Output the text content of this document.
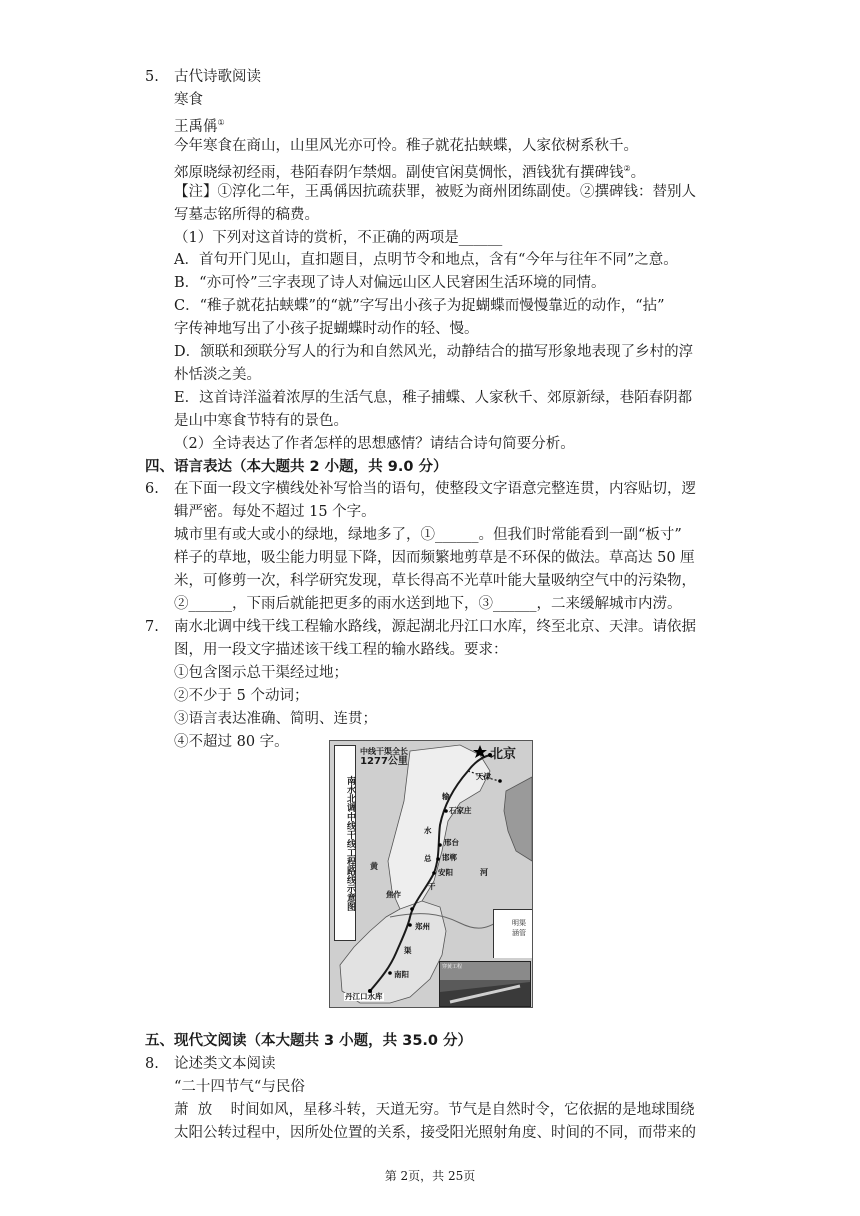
5. 古代诗歌阅读
寒食
王禹偁①
今年寒食在商山，山里风光亦可怜。稚子就花拈蛱蝶，人家依树系秋千。
郊原晓绿初经雨，巷陌春阴乍禁烟。副使官闲莫惆怅，酒钱犹有撰碑钱②。
【注】①淳化二年，王禹偁因抗疏获罪，被贬为商州团练副使。②撰碑钱：替别人
写墓志铭所得的稿费。
（1）下列对这首诗的赏析，不正确的两项是______
A．首句开门见山，直扣题目，点明节令和地点，含有“今年与往年不同”之意。
B．“亦可怜”三字表现了诗人对偏远山区人民窘困生活环境的同情。
C．“稚子就花拈蛱蝶”的“就”字写出小孩子为捉蝴蝶而慢慢靠近的动作，“拈”
字传神地写出了小孩子捉蝴蝶时动作的轻、慢。
D．颔联和颈联分写人的行为和自然风光，动静结合的描写形象地表现了乡村的淳
朴恬淡之美。
E．这首诗洋溢着浓厚的生活气息，稚子捕蝶、人家秋千、郊原新绿，巷陌春阴都
是山中寒食节特有的景色。
（2）全诗表达了作者怎样的思想感情？请结合诗句简要分析。
四、语言表达（本大题共 2 小题，共 9.0 分）
6. 在下面一段文字横线处补写恰当的语句，使整段文字语意完整连贯，内容贴切，逻
辑严密。每处不超过 15 个字。
城市里有或大或小的绿地，绿地多了，①______。但我们时常能看到一副“板寸”
样子的草地，吸尘能力明显下降，因而频繁地剪草是不环保的做法。草高达 50 厘
米，可修剪一次，科学研究发现，草长得高不光草叶能大量吸纳空气中的污染物，
②______，下雨后就能把更多的雨水送到地下，③______，二来缓解城市内涝。
7. 南水北调中线干线工程输水路线，源起湖北丹江口水库，终至北京、天津。请依据
图，用一段文字描述该干线工程的输水路线。要求：
①包含图示总干渠经过地；
②不少于 5 个动词；
③语言表达准确、简明、连贯；
④不超过 80 字。
南水北调中线干线工程路线示意图
中线干渠全长
1277公里	北京
天津
石家庄
邢台
邯郸
安阳
焦作
郑州
南阳
丹江口水库
输
水
总
干
渠
黄
河
明渠
涵管
穿黄工程
五、现代文阅读（本大题共 3 小题，共 35.0 分）
8. 论述类文本阅读
“二十四节气“与民俗
萧  放    时间如风，星移斗转，天道无穷。节气是自然时令，它依据的是地球围绕
太阳公转过程中，因所处位置的关系，接受阳光照射角度、时间的不同，而带来的
第 2页，共 25页
